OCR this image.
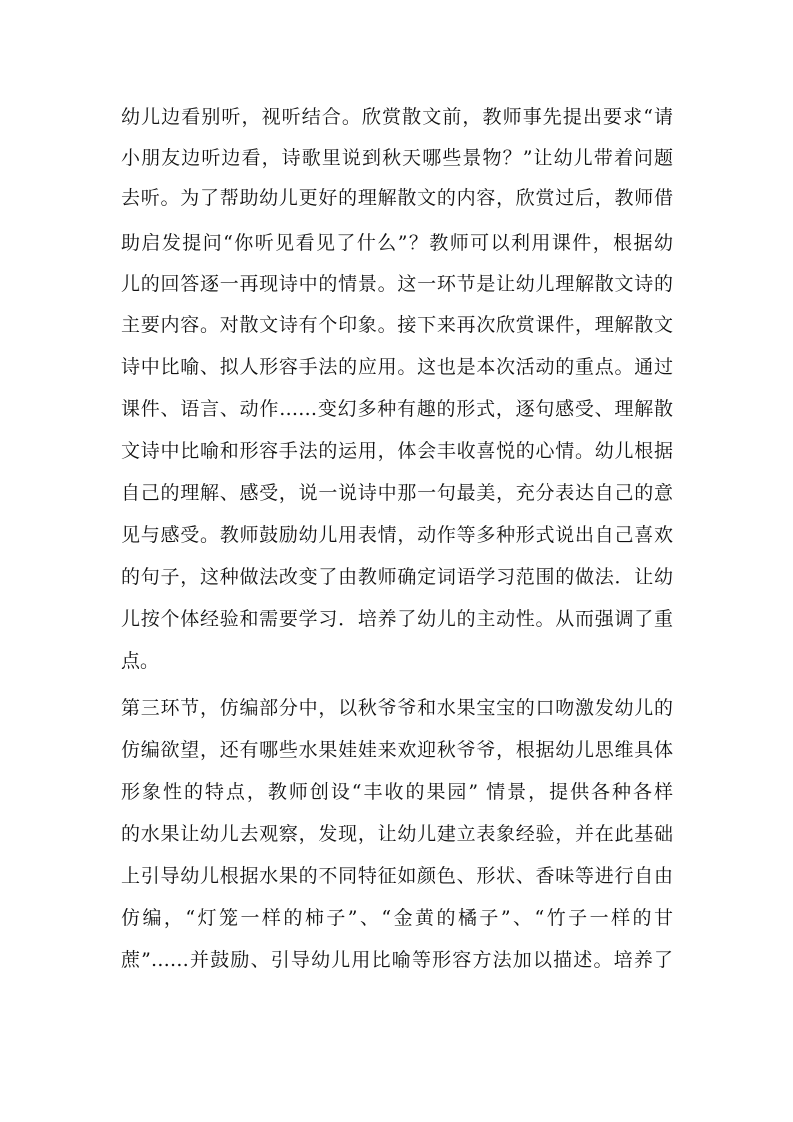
幼儿边看别听，视听结合。欣赏散文前，教师事先提出要求“请
小朋友边听边看，诗歌里说到秋天哪些景物？”让幼儿带着问题
去听。为了帮助幼儿更好的理解散文的内容，欣赏过后，教师借
助启发提问“你听见看见了什么”？教师可以利用课件，根据幼
儿的回答逐一再现诗中的情景。这一环节是让幼儿理解散文诗的
主要内容。对散文诗有个印象。接下来再次欣赏课件，理解散文
诗中比喻、拟人形容手法的应用。这也是本次活动的重点。通过
课件、语言、动作……变幻多种有趣的形式，逐句感受、理解散
文诗中比喻和形容手法的运用，体会丰收喜悦的心情。幼儿根据
自己的理解、感受，说一说诗中那一句最美，充分表达自己的意
见与感受。教师鼓励幼儿用表情，动作等多种形式说出自己喜欢
的句子，这种做法改变了由教师确定词语学习范围的做法．让幼
儿按个体经验和需要学习．培养了幼儿的主动性。从而强调了重
点。
第三环节，仿编部分中，以秋爷爷和水果宝宝的口吻激发幼儿的
仿编欲望，还有哪些水果娃娃来欢迎秋爷爷，根据幼儿思维具体
形象性的特点，教师创设“丰收的果园” 情景，提供各种各样
的水果让幼儿去观察，发现，让幼儿建立表象经验，并在此基础
上引导幼儿根据水果的不同特征如颜色、形状、香味等进行自由
仿编，“灯笼一样的柿子”、“金黄的橘子”、“竹子一样的甘
蔗”……并鼓励、引导幼儿用比喻等形容方法加以描述。培养了
